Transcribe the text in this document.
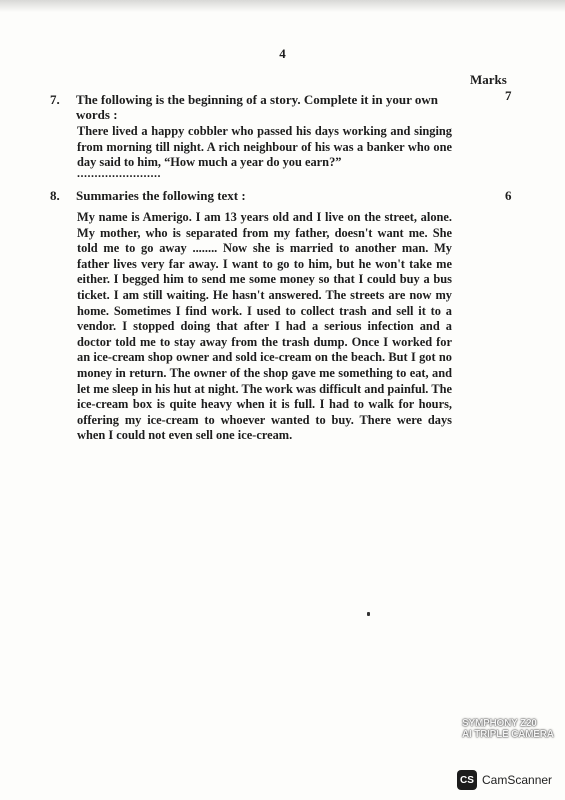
4
Marks
7.	7
The following is the beginning of a story. Complete it in your own words :
There lived a happy cobbler who passed his days working and singing from morning till night. A rich neighbour of his was a banker who one day said to him, “How much a year do you earn?”
........................
8.	6
Summaries the following text :
My name is Amerigo. I am 13 years old and I live on the street, alone. My mother, who is separated from my father, doesn't want me. She told me to go away ........ Now she is married to another man. My father lives very far away. I want to go to him, but he won't take me either. I begged him to send me some money so that I could buy a bus ticket. I am still waiting. He hasn't answered. The streets are now my home. Sometimes I find work. I used to collect trash and sell it to a vendor. I stopped doing that after I had a serious infection and a doctor told me to stay away from the trash dump. Once I worked for an ice-cream shop owner and sold ice-cream on the beach. But I got no money in return. The owner of the shop gave me something to eat, and let me sleep in his hut at night. The work was difficult and painful. The ice-cream box is quite heavy when it is full. I had to walk for hours, offering my ice-cream to whoever wanted to buy. There were days when I could not even sell one ice-cream.
SYMPHONY Z20
AI TRIPLE CAMERA
CS CamScanner
